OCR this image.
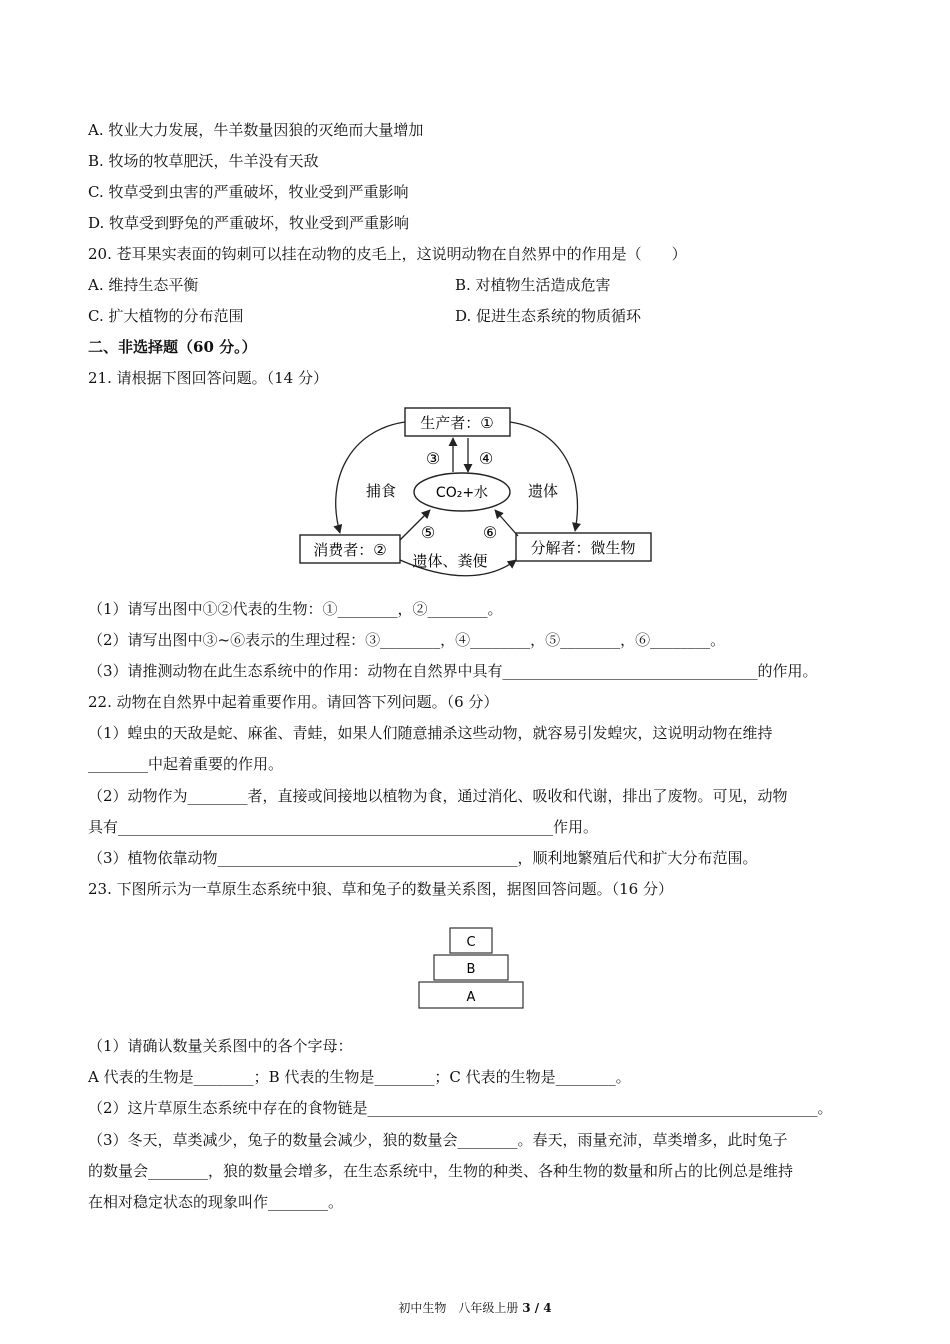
A. 牧业大力发展，牛羊数量因狼的灭绝而大量增加
B. 牧场的牧草肥沃，牛羊没有天敌
C. 牧草受到虫害的严重破坏，牧业受到严重影响
D. 牧草受到野兔的严重破坏，牧业受到严重影响
20. 苍耳果实表面的钩刺可以挂在动物的皮毛上，这说明动物在自然界中的作用是（　　）
A. 维持生态平衡	B. 对植物生活造成危害
C. 扩大植物的分布范围	D. 促进生态系统的物质循环
二、非选择题（60 分。）
21. 请根据下图回答问题。（14 分）
生产者：①
消费者：②	分解者：微生物
CO₂+水
③ ④
捕食	遗体
⑤	⑥
遗体、粪便
（1）请写出图中①②代表的生物：①________，②________。
（2）请写出图中③~⑥表示的生理过程：③________，④________，⑤________，⑥________。
（3）请推测动物在此生态系统中的作用：动物在自然界中具有__________________________________的作用。
22. 动物在自然界中起着重要作用。请回答下列问题。（6 分）
（1）蝗虫的天敌是蛇、麻雀、青蛙，如果人们随意捕杀这些动物，就容易引发蝗灾，这说明动物在维持
________中起着重要的作用。
（2）动物作为________者，直接或间接地以植物为食，通过消化、吸收和代谢，排出了废物。可见，动物
具有__________________________________________________________作用。
（3）植物依靠动物________________________________________，顺利地繁殖后代和扩大分布范围。
23. 下图所示为一草原生态系统中狼、草和兔子的数量关系图，据图回答问题。（16 分）
C
B
A
（1）请确认数量关系图中的各个字母：
A 代表的生物是________；B 代表的生物是________；C 代表的生物是________。
（2）这片草原生态系统中存在的食物链是____________________________________________________________。
（3）冬天，草类减少，兔子的数量会减少，狼的数量会________。春天，雨量充沛，草类增多，此时兔子
的数量会________，狼的数量会增多，在生态系统中，生物的种类、各种生物的数量和所占的比例总是维持
在相对稳定状态的现象叫作________。
初中生物　八年级上册 3 / 4
